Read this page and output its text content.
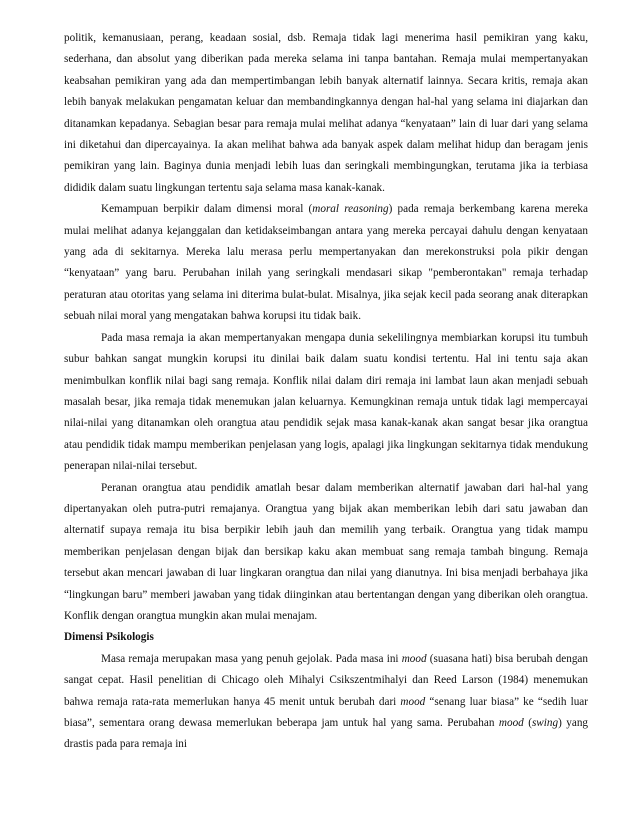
politik, kemanusiaan, perang, keadaan sosial, dsb. Remaja tidak lagi menerima hasil pemikiran yang kaku, sederhana, dan absolut yang diberikan pada mereka selama ini tanpa bantahan. Remaja mulai mempertanyakan keabsahan pemikiran yang ada dan mempertimbangan lebih banyak alternatif lainnya. Secara kritis, remaja akan lebih banyak melakukan pengamatan keluar dan membandingkannya dengan hal-hal yang selama ini diajarkan dan ditanamkan kepadanya. Sebagian besar para remaja mulai melihat adanya “kenyataan” lain di luar dari yang selama ini diketahui dan dipercayainya. Ia akan melihat bahwa ada banyak aspek dalam melihat hidup dan beragam jenis pemikiran yang lain. Baginya dunia menjadi lebih luas dan seringkali membingungkan, terutama jika ia terbiasa dididik dalam suatu lingkungan tertentu saja selama masa kanak-kanak.

Kemampuan berpikir dalam dimensi moral (moral reasoning) pada remaja berkembang karena mereka mulai melihat adanya kejanggalan dan ketidakseimbangan antara yang mereka percayai dahulu dengan kenyataan yang ada di sekitarnya. Mereka lalu merasa perlu mempertanyakan dan merekonstruksi pola pikir dengan “kenyataan” yang baru. Perubahan inilah yang seringkali mendasari sikap "pemberontakan" remaja terhadap peraturan atau otoritas yang selama ini diterima bulat-bulat. Misalnya, jika sejak kecil pada seorang anak diterapkan sebuah nilai moral yang mengatakan bahwa korupsi itu tidak baik.

Pada masa remaja ia akan mempertanyakan mengapa dunia sekelilingnya membiarkan korupsi itu tumbuh subur bahkan sangat mungkin korupsi itu dinilai baik dalam suatu kondisi tertentu. Hal ini tentu saja akan menimbulkan konflik nilai bagi sang remaja. Konflik nilai dalam diri remaja ini lambat laun akan menjadi sebuah masalah besar, jika remaja tidak menemukan jalan keluarnya. Kemungkinan remaja untuk tidak lagi mempercayai nilai-nilai yang ditanamkan oleh orangtua atau pendidik sejak masa kanak-kanak akan sangat besar jika orangtua atau pendidik tidak mampu memberikan penjelasan yang logis, apalagi jika lingkungan sekitarnya tidak mendukung penerapan nilai-nilai tersebut.

Peranan orangtua atau pendidik amatlah besar dalam memberikan alternatif jawaban dari hal-hal yang dipertanyakan oleh putra-putri remajanya. Orangtua yang bijak akan memberikan lebih dari satu jawaban dan alternatif supaya remaja itu bisa berpikir lebih jauh dan memilih yang terbaik. Orangtua yang tidak mampu memberikan penjelasan dengan bijak dan bersikap kaku akan membuat sang remaja tambah bingung. Remaja tersebut akan mencari jawaban di luar lingkaran orangtua dan nilai yang dianutnya. Ini bisa menjadi berbahaya jika “lingkungan baru” memberi jawaban yang tidak diinginkan atau bertentangan dengan yang diberikan oleh orangtua. Konflik dengan orangtua mungkin akan mulai menajam.

Dimensi Psikologis

Masa remaja merupakan masa yang penuh gejolak. Pada masa ini mood (suasana hati) bisa berubah dengan sangat cepat. Hasil penelitian di Chicago oleh Mihalyi Csikszentmihalyi dan Reed Larson (1984) menemukan bahwa remaja rata-rata memerlukan hanya 45 menit untuk berubah dari mood “senang luar biasa” ke “sedih luar biasa”, sementara orang dewasa memerlukan beberapa jam untuk hal yang sama. Perubahan mood (swing) yang drastis pada para remaja ini
